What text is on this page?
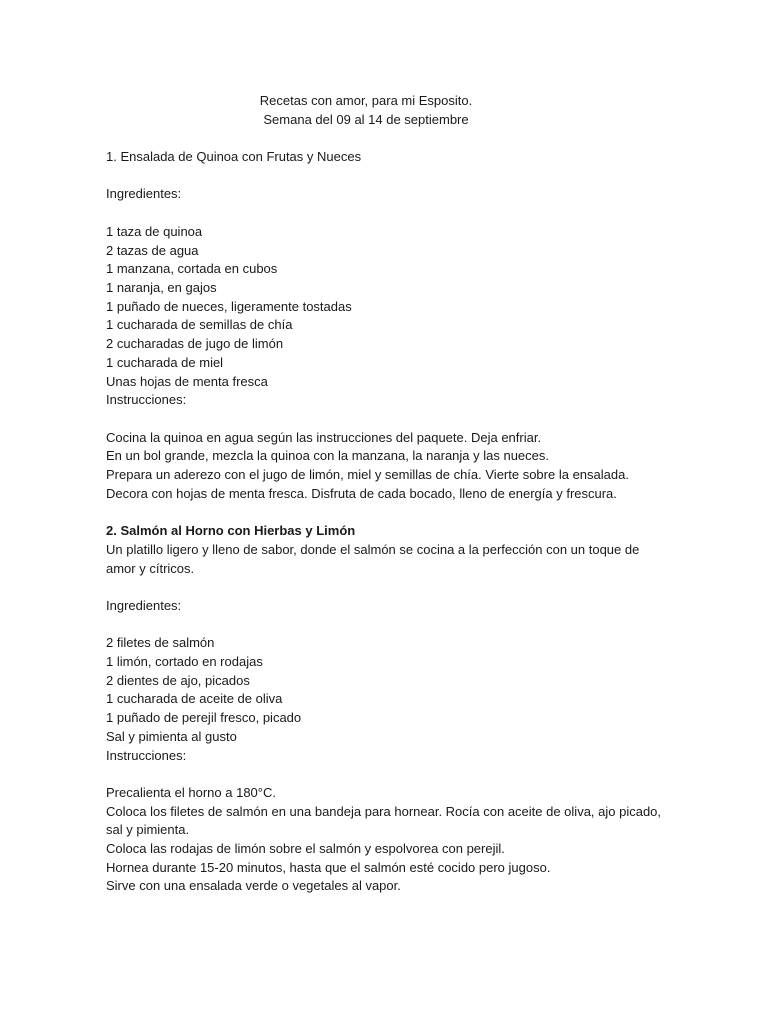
Recetas con amor, para mi Esposito.
Semana del 09 al 14 de septiembre
1. Ensalada de Quinoa con Frutas y Nueces
Ingredientes:
1 taza de quinoa
2 tazas de agua
1 manzana, cortada en cubos
1 naranja, en gajos
1 puñado de nueces, ligeramente tostadas
1 cucharada de semillas de chía
2 cucharadas de jugo de limón
1 cucharada de miel
Unas hojas de menta fresca
Instrucciones:
Cocina la quinoa en agua según las instrucciones del paquete. Deja enfriar.
En un bol grande, mezcla la quinoa con la manzana, la naranja y las nueces.
Prepara un aderezo con el jugo de limón, miel y semillas de chía. Vierte sobre la ensalada.
Decora con hojas de menta fresca. Disfruta de cada bocado, lleno de energía y frescura.
2. Salmón al Horno con Hierbas y Limón
Un platillo ligero y lleno de sabor, donde el salmón se cocina a la perfección con un toque de amor y cítricos.
Ingredientes:
2 filetes de salmón
1 limón, cortado en rodajas
2 dientes de ajo, picados
1 cucharada de aceite de oliva
1 puñado de perejil fresco, picado
Sal y pimienta al gusto
Instrucciones:
Precalienta el horno a 180°C.
Coloca los filetes de salmón en una bandeja para hornear. Rocía con aceite de oliva, ajo picado, sal y pimienta.
Coloca las rodajas de limón sobre el salmón y espolvorea con perejil.
Hornea durante 15-20 minutos, hasta que el salmón esté cocido pero jugoso.
Sirve con una ensalada verde o vegetales al vapor.
